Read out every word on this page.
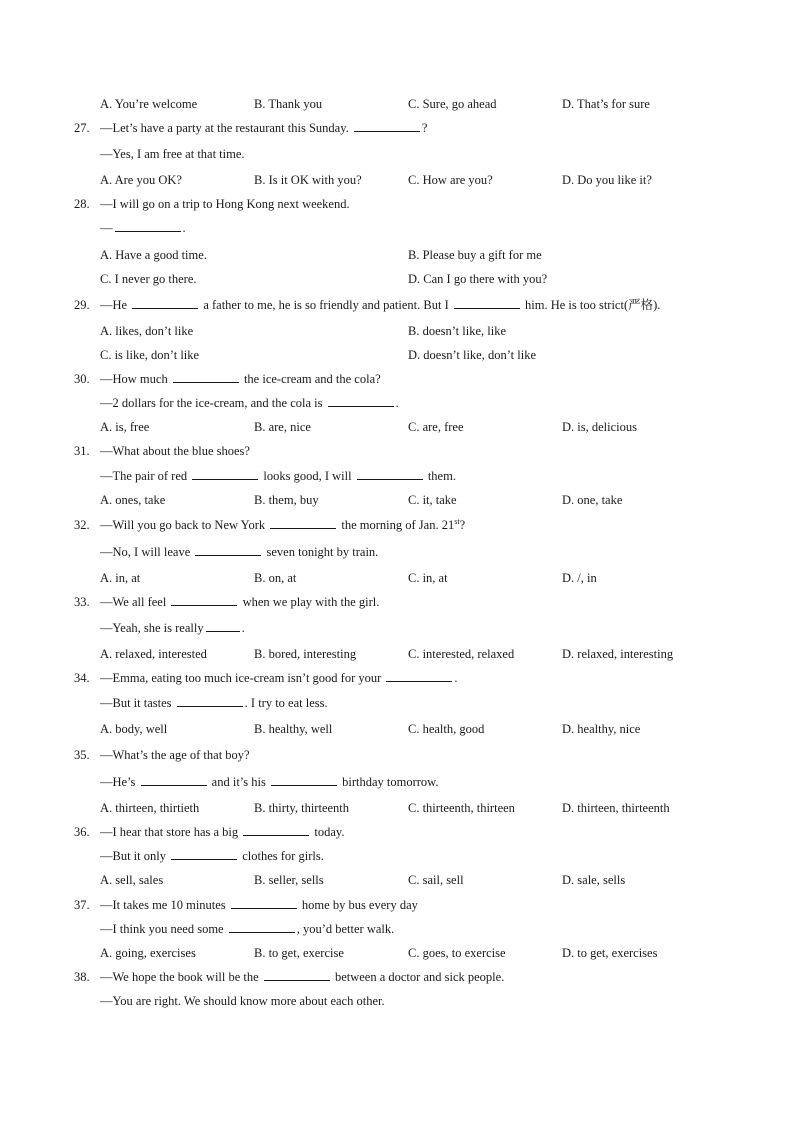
A. You’re welcome	B. Thank you	C. Sure, go ahead	D. That’s for sure
27. —Let’s have a party at the restaurant this Sunday.	?
—Yes, I am free at that time.
A. Are you OK?	B. Is it OK with you?	C. How are you?	D. Do you like it?
28. —I will go on a trip to Hong Kong next weekend.
—	.
A. Have a good time.	B. Please buy a gift for me
C. I never go there.	D. Can I go there with you?
29. —He	a father to me, he is so friendly and patient. But I	him. He is too strict(严格).
A. likes, don’t like	B. doesn’t like, like
C. is like, don’t like	D. doesn’t like, don’t like
30. —How much	the ice-cream and the cola?
—2 dollars for the ice-cream, and the cola is	.
A. is, free	B. are, nice	C. are, free	D. is, delicious
31. —What about the blue shoes?
—The pair of red	looks good, I will	them.
A. ones, take	B. them, buy	C. it, take	D. one, take
32. —Will you go back to New York	the morning of Jan. 21st?
—No, I will leave	seven tonight by train.
A. in, at	B. on, at	C. in, at	D. /, in
33. —We all feel	when we play with the girl.
—Yeah, she is really	.
A. relaxed, interested	B. bored, interesting	C. interested, relaxed	D. relaxed, interesting
34. —Emma, eating too much ice-cream isn’t good for your	.
—But it tastes	. I try to eat less.
A. body, well	B. healthy, well	C. health, good	D. healthy, nice
35. —What’s the age of that boy?
—He’s	and it’s his	birthday tomorrow.
A. thirteen, thirtieth	B. thirty, thirteenth	C. thirteenth, thirteen	D. thirteen, thirteenth
36. —I hear that store has a big	today.
—But it only	clothes for girls.
A. sell, sales	B. seller, sells	C. sail, sell	D. sale, sells
37. —It takes me 10 minutes	home by bus every day
—I think you need some	, you’d better walk.
A. going, exercises	B. to get, exercise	C. goes, to exercise	D. to get, exercises
38. —We hope the book will be the	between a doctor and sick people.
—You are right. We should know more about each other.
